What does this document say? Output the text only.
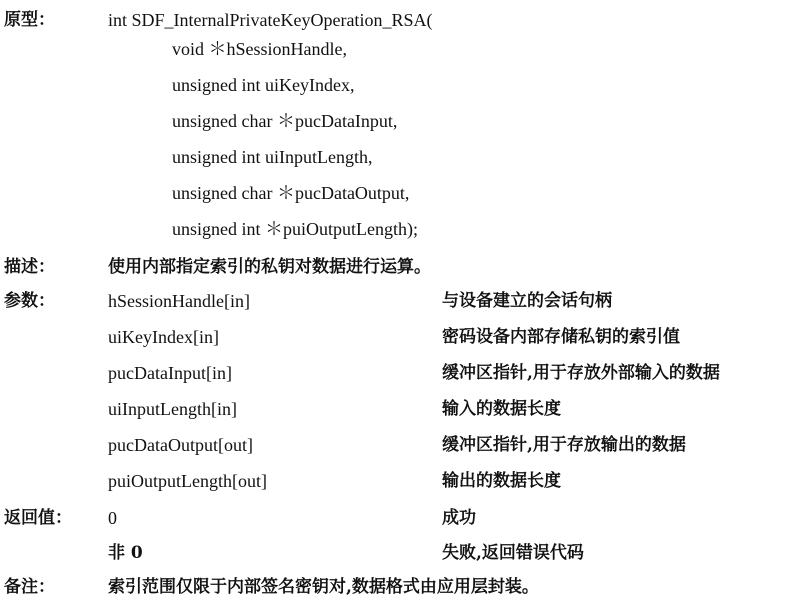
原型：	int SDF_InternalPrivateKeyOperation_RSA(
void ＊hSessionHandle,
unsigned int uiKeyIndex,
unsigned char ＊pucDataInput,
unsigned int uiInputLength,
unsigned char ＊pucDataOutput,
unsigned int ＊puiOutputLength);
描述：	使用内部指定索引的私钥对数据进行运算。
参数：	hSessionHandle[in]	与设备建立的会话句柄
uiKeyIndex[in]	密码设备内部存储私钥的索引值
pucDataInput[in]	缓冲区指针,用于存放外部输入的数据
uiInputLength[in]	输入的数据长度
pucDataOutput[out]	缓冲区指针,用于存放输出的数据
puiOutputLength[out]	输出的数据长度
返回值： 0	成功
非 0	失败,返回错误代码
备注：	索引范围仅限于内部签名密钥对,数据格式由应用层封装。
